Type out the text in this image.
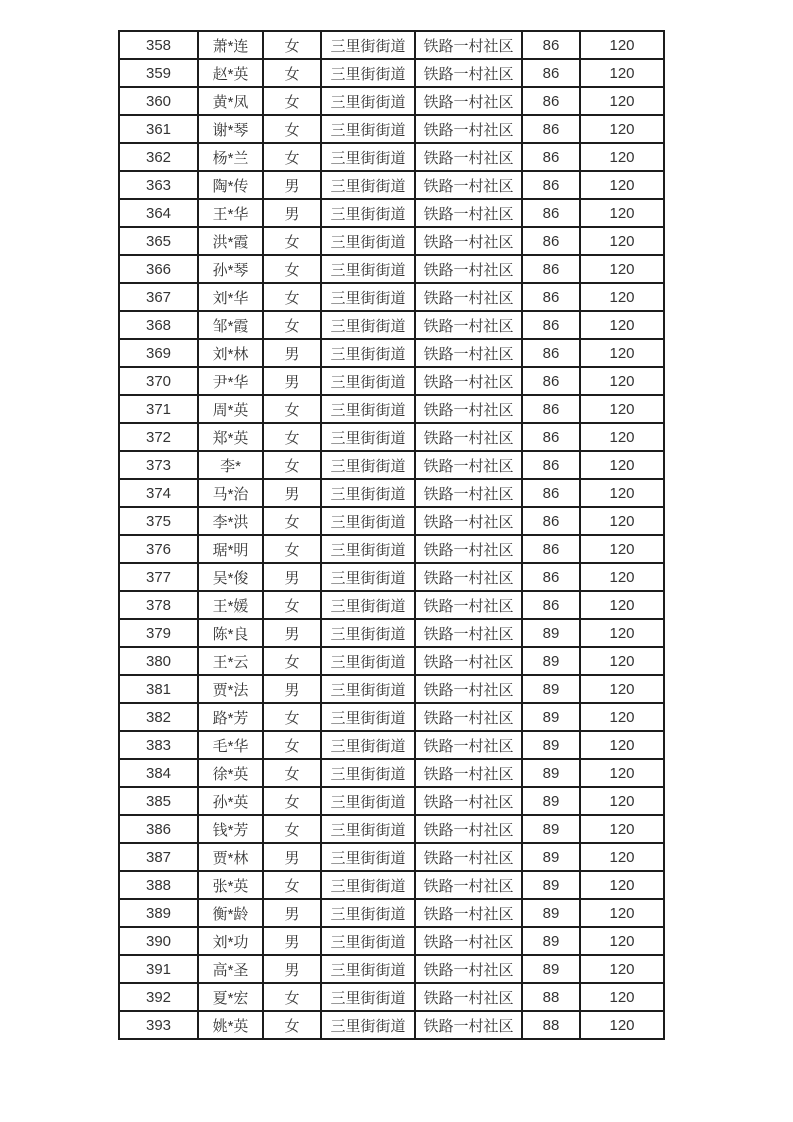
358	萧*连	女	三里街街道	铁路一村社区	86	120
359	赵*英	女	三里街街道	铁路一村社区	86	120
360	黄*凤	女	三里街街道	铁路一村社区	86	120
361	谢*琴	女	三里街街道	铁路一村社区	86	120
362	杨*兰	女	三里街街道	铁路一村社区	86	120
363	陶*传	男	三里街街道	铁路一村社区	86	120
364	王*华	男	三里街街道	铁路一村社区	86	120
365	洪*霞	女	三里街街道	铁路一村社区	86	120
366	孙*琴	女	三里街街道	铁路一村社区	86	120
367	刘*华	女	三里街街道	铁路一村社区	86	120
368	邹*霞	女	三里街街道	铁路一村社区	86	120
369	刘*林	男	三里街街道	铁路一村社区	86	120
370	尹*华	男	三里街街道	铁路一村社区	86	120
371	周*英	女	三里街街道	铁路一村社区	86	120
372	郑*英	女	三里街街道	铁路一村社区	86	120
373	李*	女	三里街街道	铁路一村社区	86	120
374	马*治	男	三里街街道	铁路一村社区	86	120
375	李*洪	女	三里街街道	铁路一村社区	86	120
376	琚*明	女	三里街街道	铁路一村社区	86	120
377	吴*俊	男	三里街街道	铁路一村社区	86	120
378	王*媛	女	三里街街道	铁路一村社区	86	120
379	陈*良	男	三里街街道	铁路一村社区	89	120
380	王*云	女	三里街街道	铁路一村社区	89	120
381	贾*法	男	三里街街道	铁路一村社区	89	120
382	路*芳	女	三里街街道	铁路一村社区	89	120
383	毛*华	女	三里街街道	铁路一村社区	89	120
384	徐*英	女	三里街街道	铁路一村社区	89	120
385	孙*英	女	三里街街道	铁路一村社区	89	120
386	钱*芳	女	三里街街道	铁路一村社区	89	120
387	贾*林	男	三里街街道	铁路一村社区	89	120
388	张*英	女	三里街街道	铁路一村社区	89	120
389	衡*龄	男	三里街街道	铁路一村社区	89	120
390	刘*功	男	三里街街道	铁路一村社区	89	120
391	高*圣	男	三里街街道	铁路一村社区	89	120
392	夏*宏	女	三里街街道	铁路一村社区	88	120
393	姚*英	女	三里街街道	铁路一村社区	88	120
